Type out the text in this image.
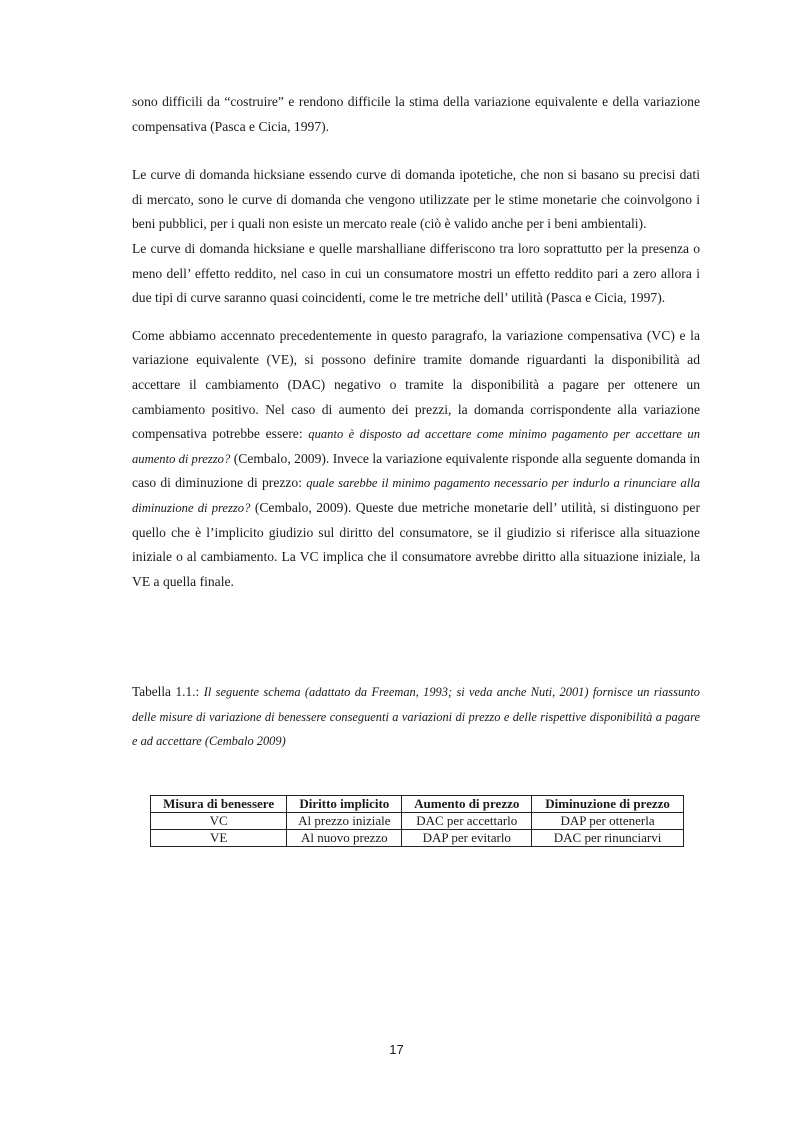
sono difficili da “costruire” e rendono difficile la stima della variazione equivalente e della variazione compensativa (Pasca e Cicia, 1997).

Le curve di domanda hicksiane essendo curve di domanda ipotetiche, che non si basano su precisi dati di mercato, sono le curve di domanda che vengono utilizzate per le stime monetarie che coinvolgono i beni pubblici, per i quali non esiste un mercato reale (ciò è valido anche per i beni ambientali).

Le curve di domanda hicksiane e quelle marshalliane differiscono tra loro soprattutto per la presenza o meno dell’ effetto reddito, nel caso in cui un consumatore mostri un effetto reddito pari a zero allora i due tipi di curve saranno quasi coincidenti, come le tre metriche dell’ utilità (Pasca e Cicia, 1997).

Come abbiamo accennato precedentemente in questo paragrafo, la variazione compensativa (VC) e la variazione equivalente (VE), si possono definire tramite domande riguardanti la disponibilità ad accettare il cambiamento (DAC) negativo o tramite la disponibilità a pagare per ottenere un cambiamento positivo. Nel caso di aumento dei prezzi, la domanda corrispondente alla variazione compensativa potrebbe essere: quanto è disposto ad accettare come minimo pagamento per accettare un aumento di prezzo? (Cembalo, 2009). Invece la variazione equivalente risponde alla seguente domanda in caso di diminuzione di prezzo: quale sarebbe il minimo pagamento necessario per indurlo a rinunciare alla diminuzione di prezzo? (Cembalo, 2009). Queste due metriche monetarie dell’ utilità, si distinguono per quello che è l’implicito giudizio sul diritto del consumatore, se il giudizio si riferisce alla situazione iniziale o al cambiamento. La VC implica che il consumatore avrebbe diritto alla situazione iniziale, la VE a quella finale.

Tabella 1.1.: Il seguente schema (adattato da Freeman, 1993; si veda anche Nuti, 2001) fornisce un riassunto delle misure di variazione di benessere conseguenti a variazioni di prezzo e delle rispettive disponibilità a pagare e ad accettare (Cembalo 2009)
Misura di benessere	Diritto implicito	Aumento di prezzo	Diminuzione di prezzo
VC	Al prezzo iniziale	DAC per accettarlo	DAP per ottenerla
VE	Al nuovo prezzo	DAP per evitarlo	DAC per rinunciarvi
17
